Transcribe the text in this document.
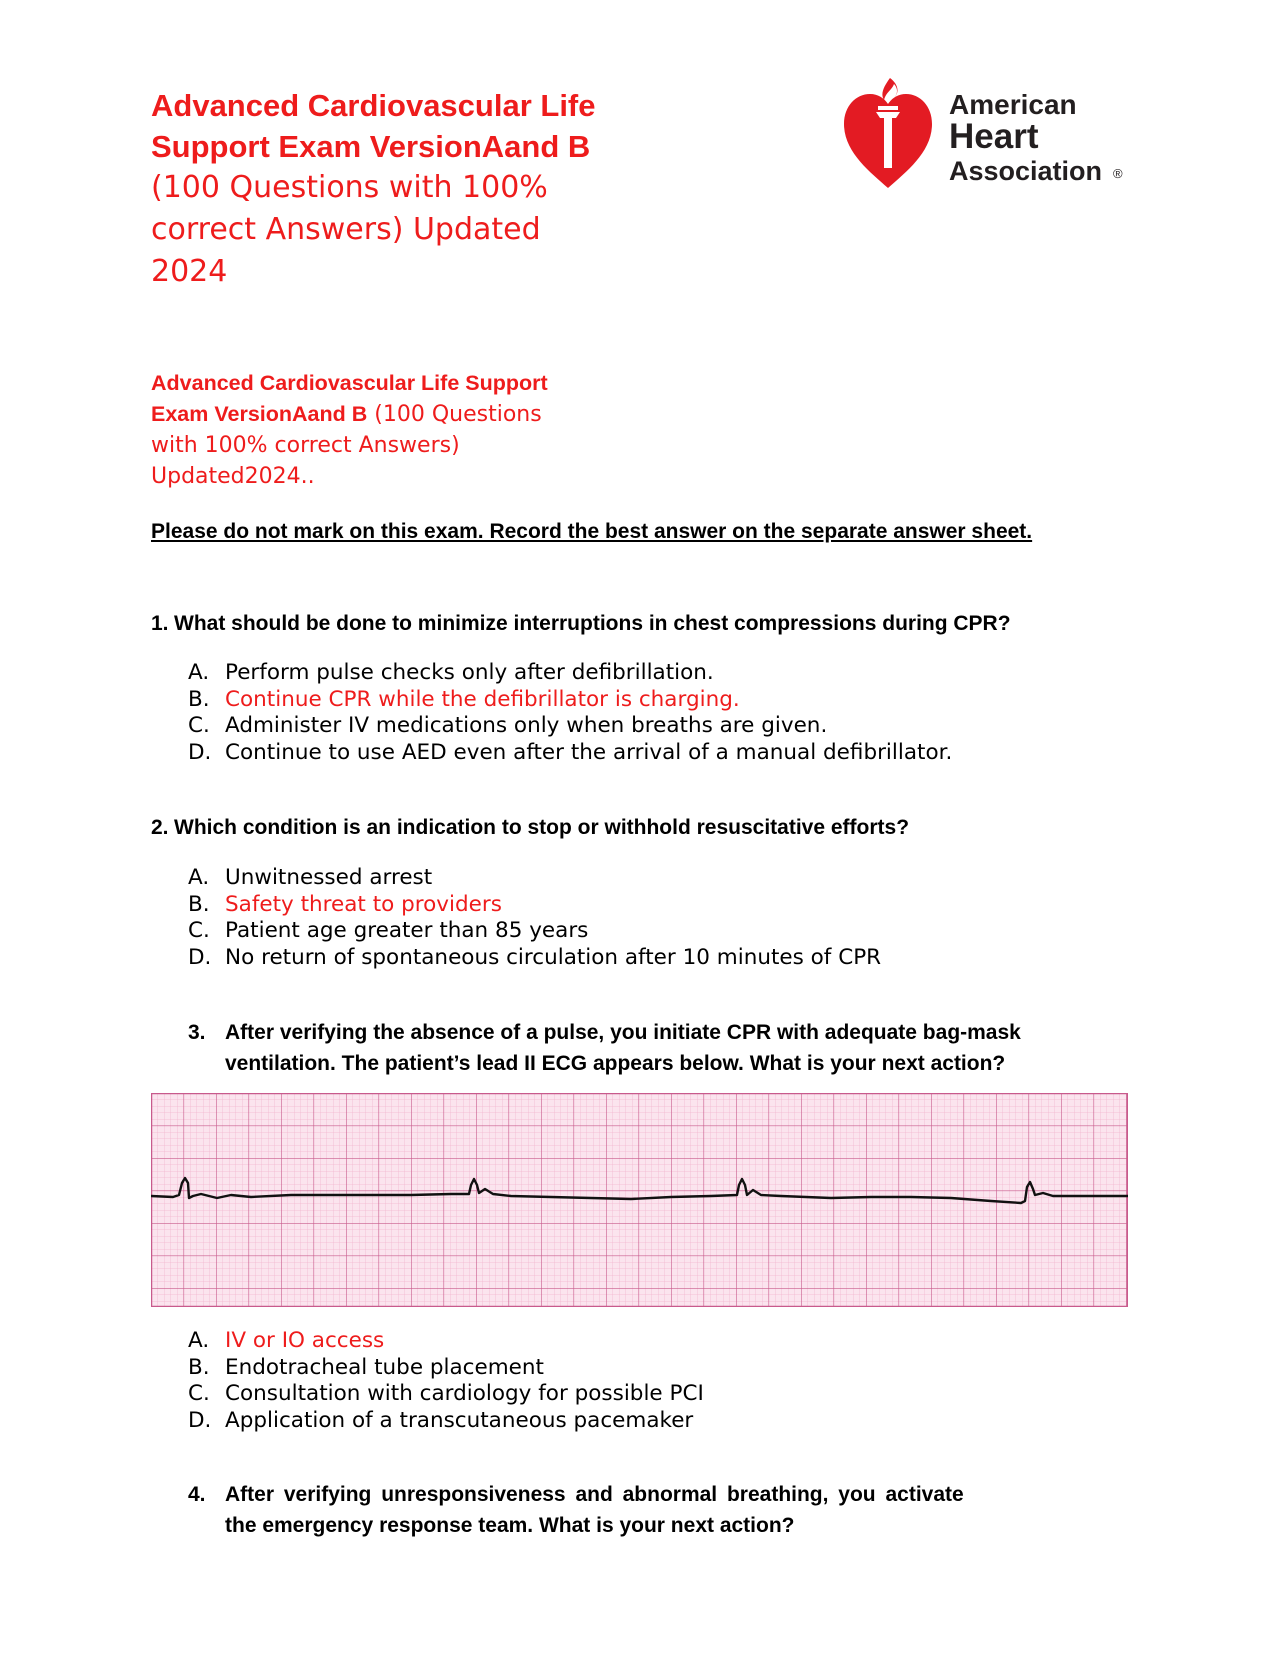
Advanced Cardiovascular Life
Support Exam VersionAand B
(100 Questions with 100%
correct Answers) Updated
2024
American
Heart
Association ®
Advanced Cardiovascular Life Support
Exam VersionAand B (100 Questions
with 100% correct Answers)
Updated2024..
Please do not mark on this exam. Record the best answer on the separate answer sheet.
1. What should be done to minimize interruptions in chest compressions during CPR?
A. Perform pulse checks only after defibrillation.
B. Continue CPR while the defibrillator is charging.
C. Administer IV medications only when breaths are given.
D. Continue to use AED even after the arrival of a manual defibrillator.
2. Which condition is an indication to stop or withhold resuscitative efforts?
A. Unwitnessed arrest
B. Safety threat to providers
C. Patient age greater than 85 years
D. No return of spontaneous circulation after 10 minutes of CPR
3. After verifying the absence of a pulse, you initiate CPR with adequate bag-mask
ventilation. The patient’s lead II ECG appears below. What is your next action?
A. IV or IO access
B. Endotracheal tube placement
C. Consultation with cardiology for possible PCI
D. Application of a transcutaneous pacemaker
4. After verifying unresponsiveness and abnormal breathing, you activate
the emergency response team. What is your next action?
